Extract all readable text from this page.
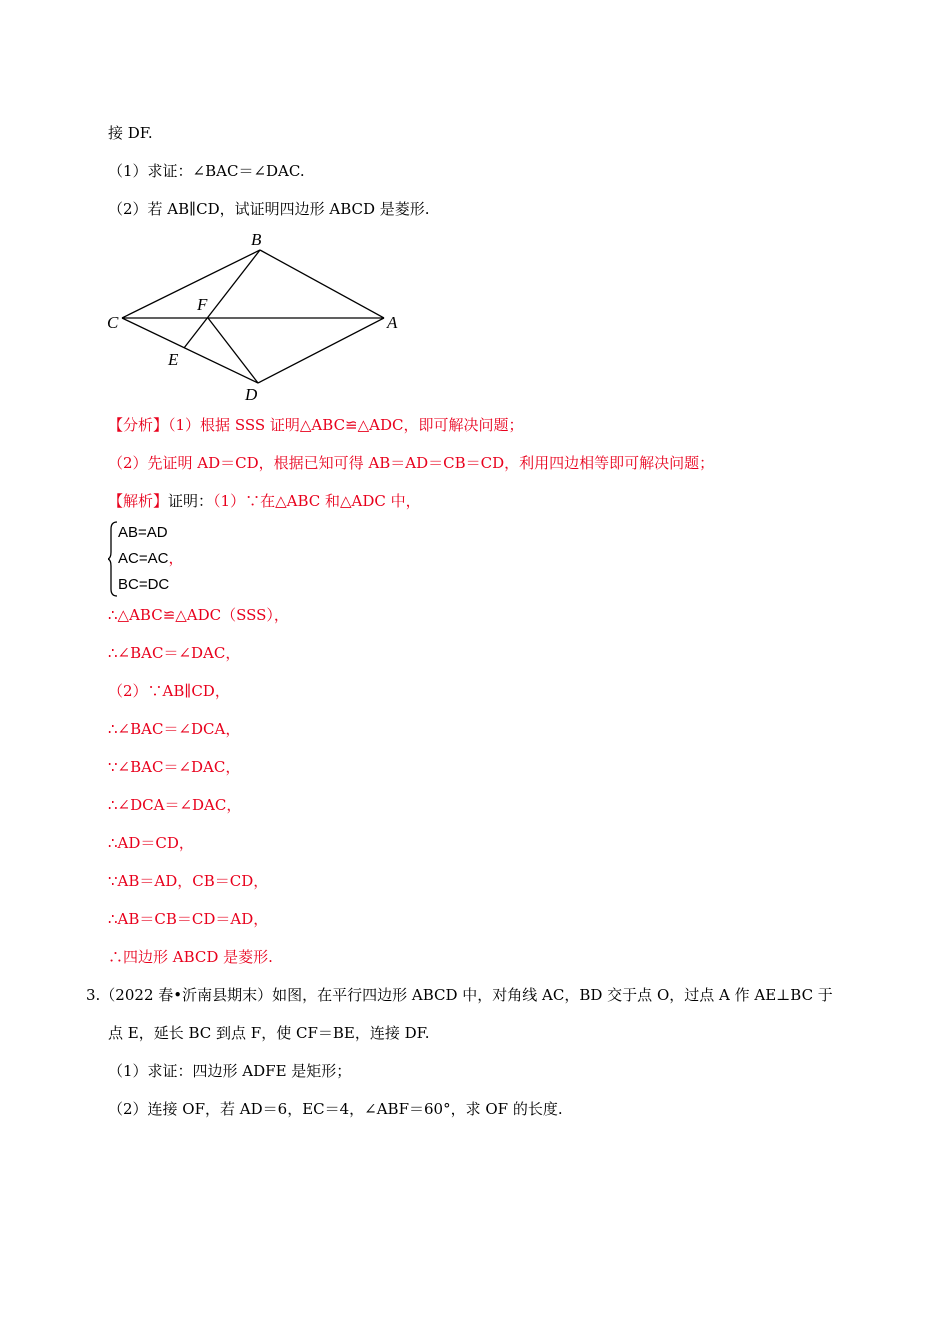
接 DF.
（1）求证：∠BAC＝∠DAC.
（2）若 AB∥CD，试证明四边形 ABCD 是菱形.
B
C
F
A
E
D
【分析】（1）根据 SSS 证明△ABC≌△ADC，即可解决问题；
（2）先证明 AD＝CD，根据已知可得 AB＝AD＝CB＝CD，利用四边相等即可解决问题；
【解析】证明：（1）∵在△ABC 和△ADC 中，
AB=AD
AC=AC，
BC=DC
∴△ABC≌△ADC（SSS），
∴∠BAC＝∠DAC，
（2）∵AB∥CD，
∴∠BAC＝∠DCA，
∵∠BAC＝∠DAC，
∴∠DCA＝∠DAC，
∴AD＝CD，
∵AB＝AD，CB＝CD，
∴AB＝CB＝CD＝AD，
∴四边形 ABCD 是菱形.
3.（2022 春•沂南县期末）如图，在平行四边形 ABCD 中，对角线 AC，BD 交于点 O，过点 A 作 AE⊥BC 于
点 E，延长 BC 到点 F，使 CF＝BE，连接 DF.
（1）求证：四边形 ADFE 是矩形；
（2）连接 OF，若 AD＝6，EC＝4，∠ABF＝60°，求 OF 的长度.
